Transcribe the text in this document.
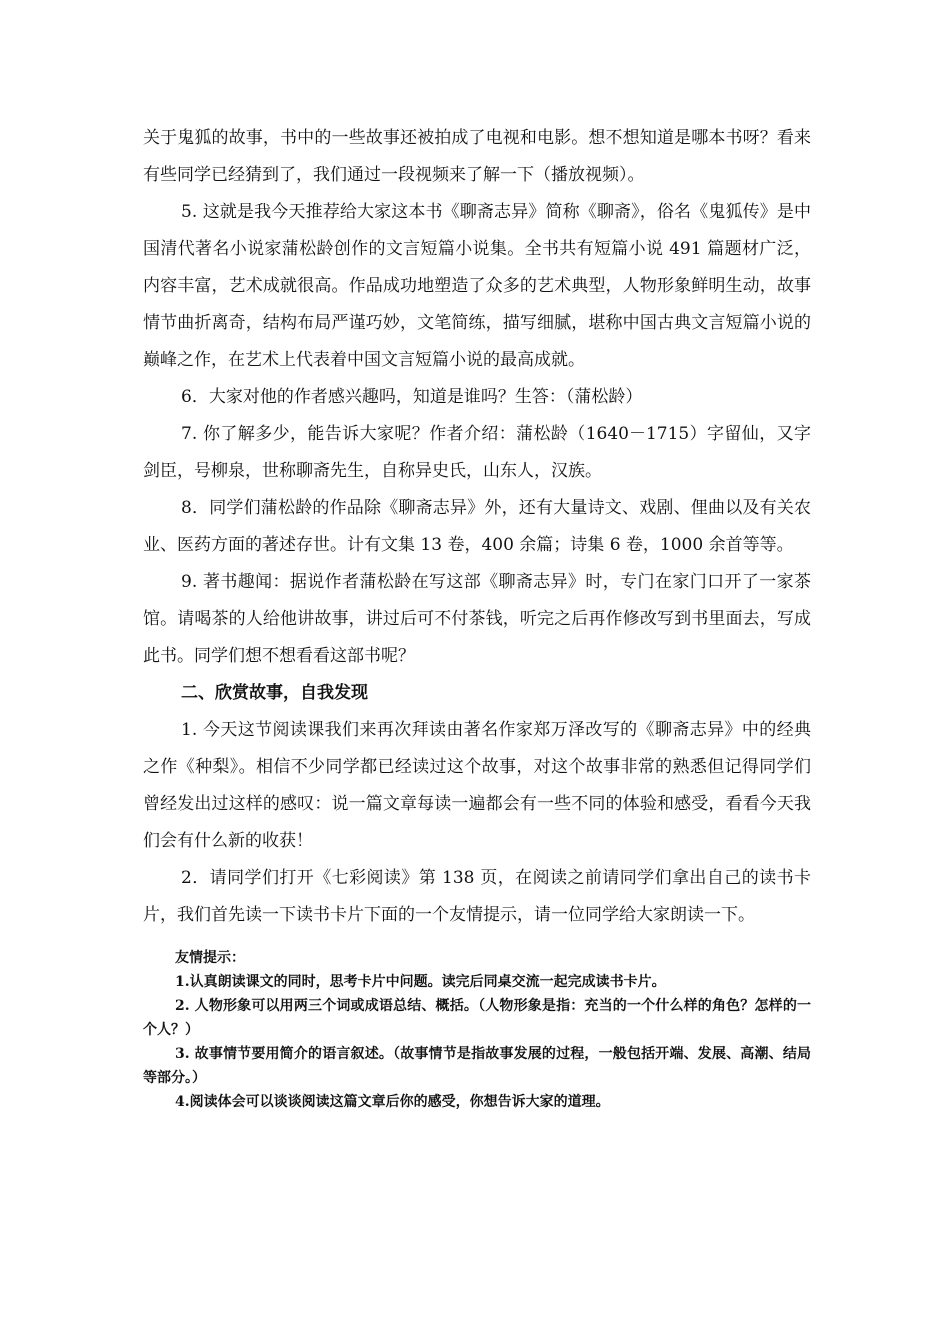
关于鬼狐的故事，书中的一些故事还被拍成了电视和电影。想不想知道是哪本书呀？看来有些同学已经猜到了，我们通过一段视频来了解一下（播放视频）。

5. 这就是我今天推荐给大家这本书《聊斋志异》简称《聊斋》，俗名《鬼狐传》是中国清代著名小说家蒲松龄创作的文言短篇小说集。全书共有短篇小说 491 篇题材广泛，内容丰富，艺术成就很高。作品成功地塑造了众多的艺术典型，人物形象鲜明生动，故事情节曲折离奇，结构布局严谨巧妙，文笔简练，描写细腻，堪称中国古典文言短篇小说的巅峰之作，在艺术上代表着中国文言短篇小说的最高成就。

6．大家对他的作者感兴趣吗，知道是谁吗？生答：（蒲松龄）

7. 你了解多少，能告诉大家呢？作者介绍：蒲松龄（1640－1715）字留仙，又字剑臣，号柳泉，世称聊斋先生，自称异史氏，山东人，汉族。

8．同学们蒲松龄的作品除《聊斋志异》外，还有大量诗文、戏剧、俚曲以及有关农业、医药方面的著述存世。计有文集 13 卷，400 余篇；诗集 6 卷，1000 余首等等。

9. 著书趣闻：据说作者蒲松龄在写这部《聊斋志异》时，专门在家门口开了一家茶馆。请喝茶的人给他讲故事，讲过后可不付茶钱，听完之后再作修改写到书里面去，写成此书。同学们想不想看看这部书呢？

二、欣赏故事，自我发现

1. 今天这节阅读课我们来再次拜读由著名作家郑万泽改写的《聊斋志异》中的经典之作《种梨》。相信不少同学都已经读过这个故事，对这个故事非常的熟悉但记得同学们曾经发出过这样的感叹：说一篇文章每读一遍都会有一些不同的体验和感受，看看今天我们会有什么新的收获！

2．请同学们打开《七彩阅读》第 138 页，在阅读之前请同学们拿出自己的读书卡片，我们首先读一下读书卡片下面的一个友情提示，请一位同学给大家朗读一下。

友情提示：

1.认真朗读课文的同时，思考卡片中问题。读完后同桌交流一起完成读书卡片。

2. 人物形象可以用两三个词或成语总结、概括。（人物形象是指：充当的一个什么样的角色？怎样的一个人？）

3. 故事情节要用简介的语言叙述。（故事情节是指故事发展的过程，一般包括开端、发展、高潮、结局等部分。）

4.阅读体会可以谈谈阅读这篇文章后你的感受，你想告诉大家的道理。
